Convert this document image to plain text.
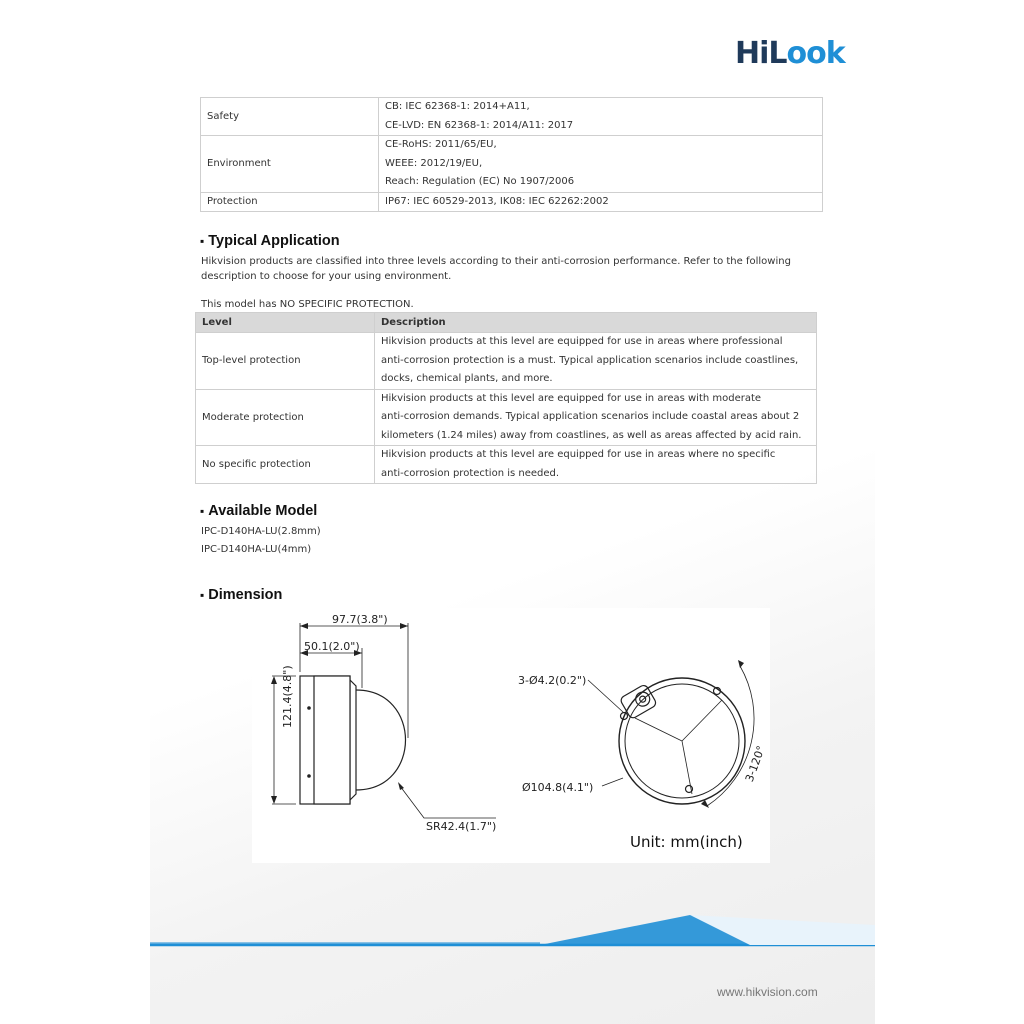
HiLook
Safety	CB: IEC 62368-1: 2014+A11,
CE-LVD: EN 62368-1: 2014/A11: 2017

Environment	CE-RoHS: 2011/65/EU,
WEEE: 2012/19/EU,
Reach: Regulation (EC) No 1907/2006

Protection	IP67: IEC 60529-2013, IK08: IEC 62262:2002
▪ Typical Application
Hikvision products are classified into three levels according to their anti-corrosion performance. Refer to the following
description to choose for your using environment.
This model has NO SPECIFIC PROTECTION.
Level	Description
Top-level protection	Hikvision products at this level are equipped for use in areas where professional
anti-corrosion protection is a must. Typical application scenarios include coastlines,
docks, chemical plants, and more.

Moderate protection	Hikvision products at this level are equipped for use in areas with moderate
anti-corrosion demands. Typical application scenarios include coastal areas about 2
kilometers (1.24 miles) away from coastlines, as well as areas affected by acid rain.

No specific protection	Hikvision products at this level are equipped for use in areas where no specific
anti-corrosion protection is needed.
▪ Available Model
IPC-D140HA-LU(2.8mm)
IPC-D140HA-LU(4mm)
▪ Dimension
121.4(4.8")
97.7(3.8")
50.1(2.0")
SR42.4(1.7")
3-Ø4.2(0.2")
Ø104.8(4.1")
3-120°
Unit: mm(inch)
www.hikvision.com
